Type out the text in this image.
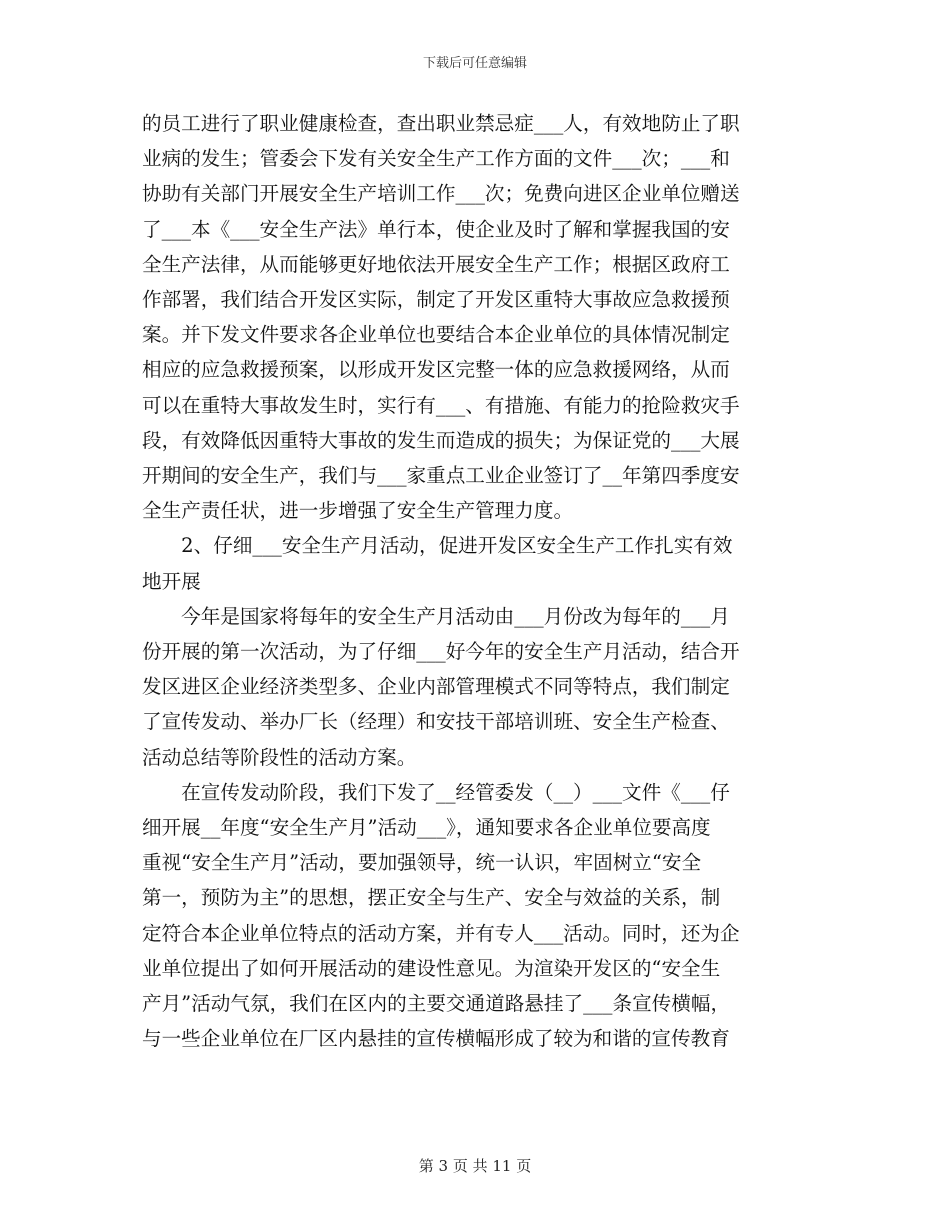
下载后可任意编辑
的员工进行了职业健康检查，查出职业禁忌症___人，有效地防止了职
业病的发生；管委会下发有关安全生产工作方面的文件___次；___和
协助有关部门开展安全生产培训工作___次；免费向进区企业单位赠送
了___本《___安全生产法》单行本，使企业及时了解和掌握我国的安
全生产法律，从而能够更好地依法开展安全生产工作；根据区政府工
作部署，我们结合开发区实际，制定了开发区重特大事故应急救援预
案。并下发文件要求各企业单位也要结合本企业单位的具体情况制定
相应的应急救援预案，以形成开发区完整一体的应急救援网络，从而
可以在重特大事故发生时，实行有___、有措施、有能力的抢险救灾手
段，有效降低因重特大事故的发生而造成的损失；为保证党的___大展
开期间的安全生产，我们与___家重点工业企业签订了__年第四季度安
全生产责任状，进一步增强了安全生产管理力度。
　　2、仔细___安全生产月活动，促进开发区安全生产工作扎实有效
地开展
　　今年是国家将每年的安全生产月活动由___月份改为每年的___月
份开展的第一次活动，为了仔细___好今年的安全生产月活动，结合开
发区进区企业经济类型多、企业内部管理模式不同等特点，我们制定
了宣传发动、举办厂长（经理）和安技干部培训班、安全生产检查、
活动总结等阶段性的活动方案。
　　在宣传发动阶段，我们下发了__经管委发（__）___文件《___仔
细开展__年度“安全生产月”活动___》，通知要求各企业单位要高度
重视“安全生产月”活动，要加强领导，统一认识，牢固树立“安全
第一，预防为主”的思想，摆正安全与生产、安全与效益的关系，制
定符合本企业单位特点的活动方案，并有专人___活动。同时，还为企
业单位提出了如何开展活动的建设性意见。为渲染开发区的“安全生
产月”活动气氛，我们在区内的主要交通道路悬挂了___条宣传横幅，
与一些企业单位在厂区内悬挂的宣传横幅形成了较为和谐的宣传教育
第 3 页 共 11 页
